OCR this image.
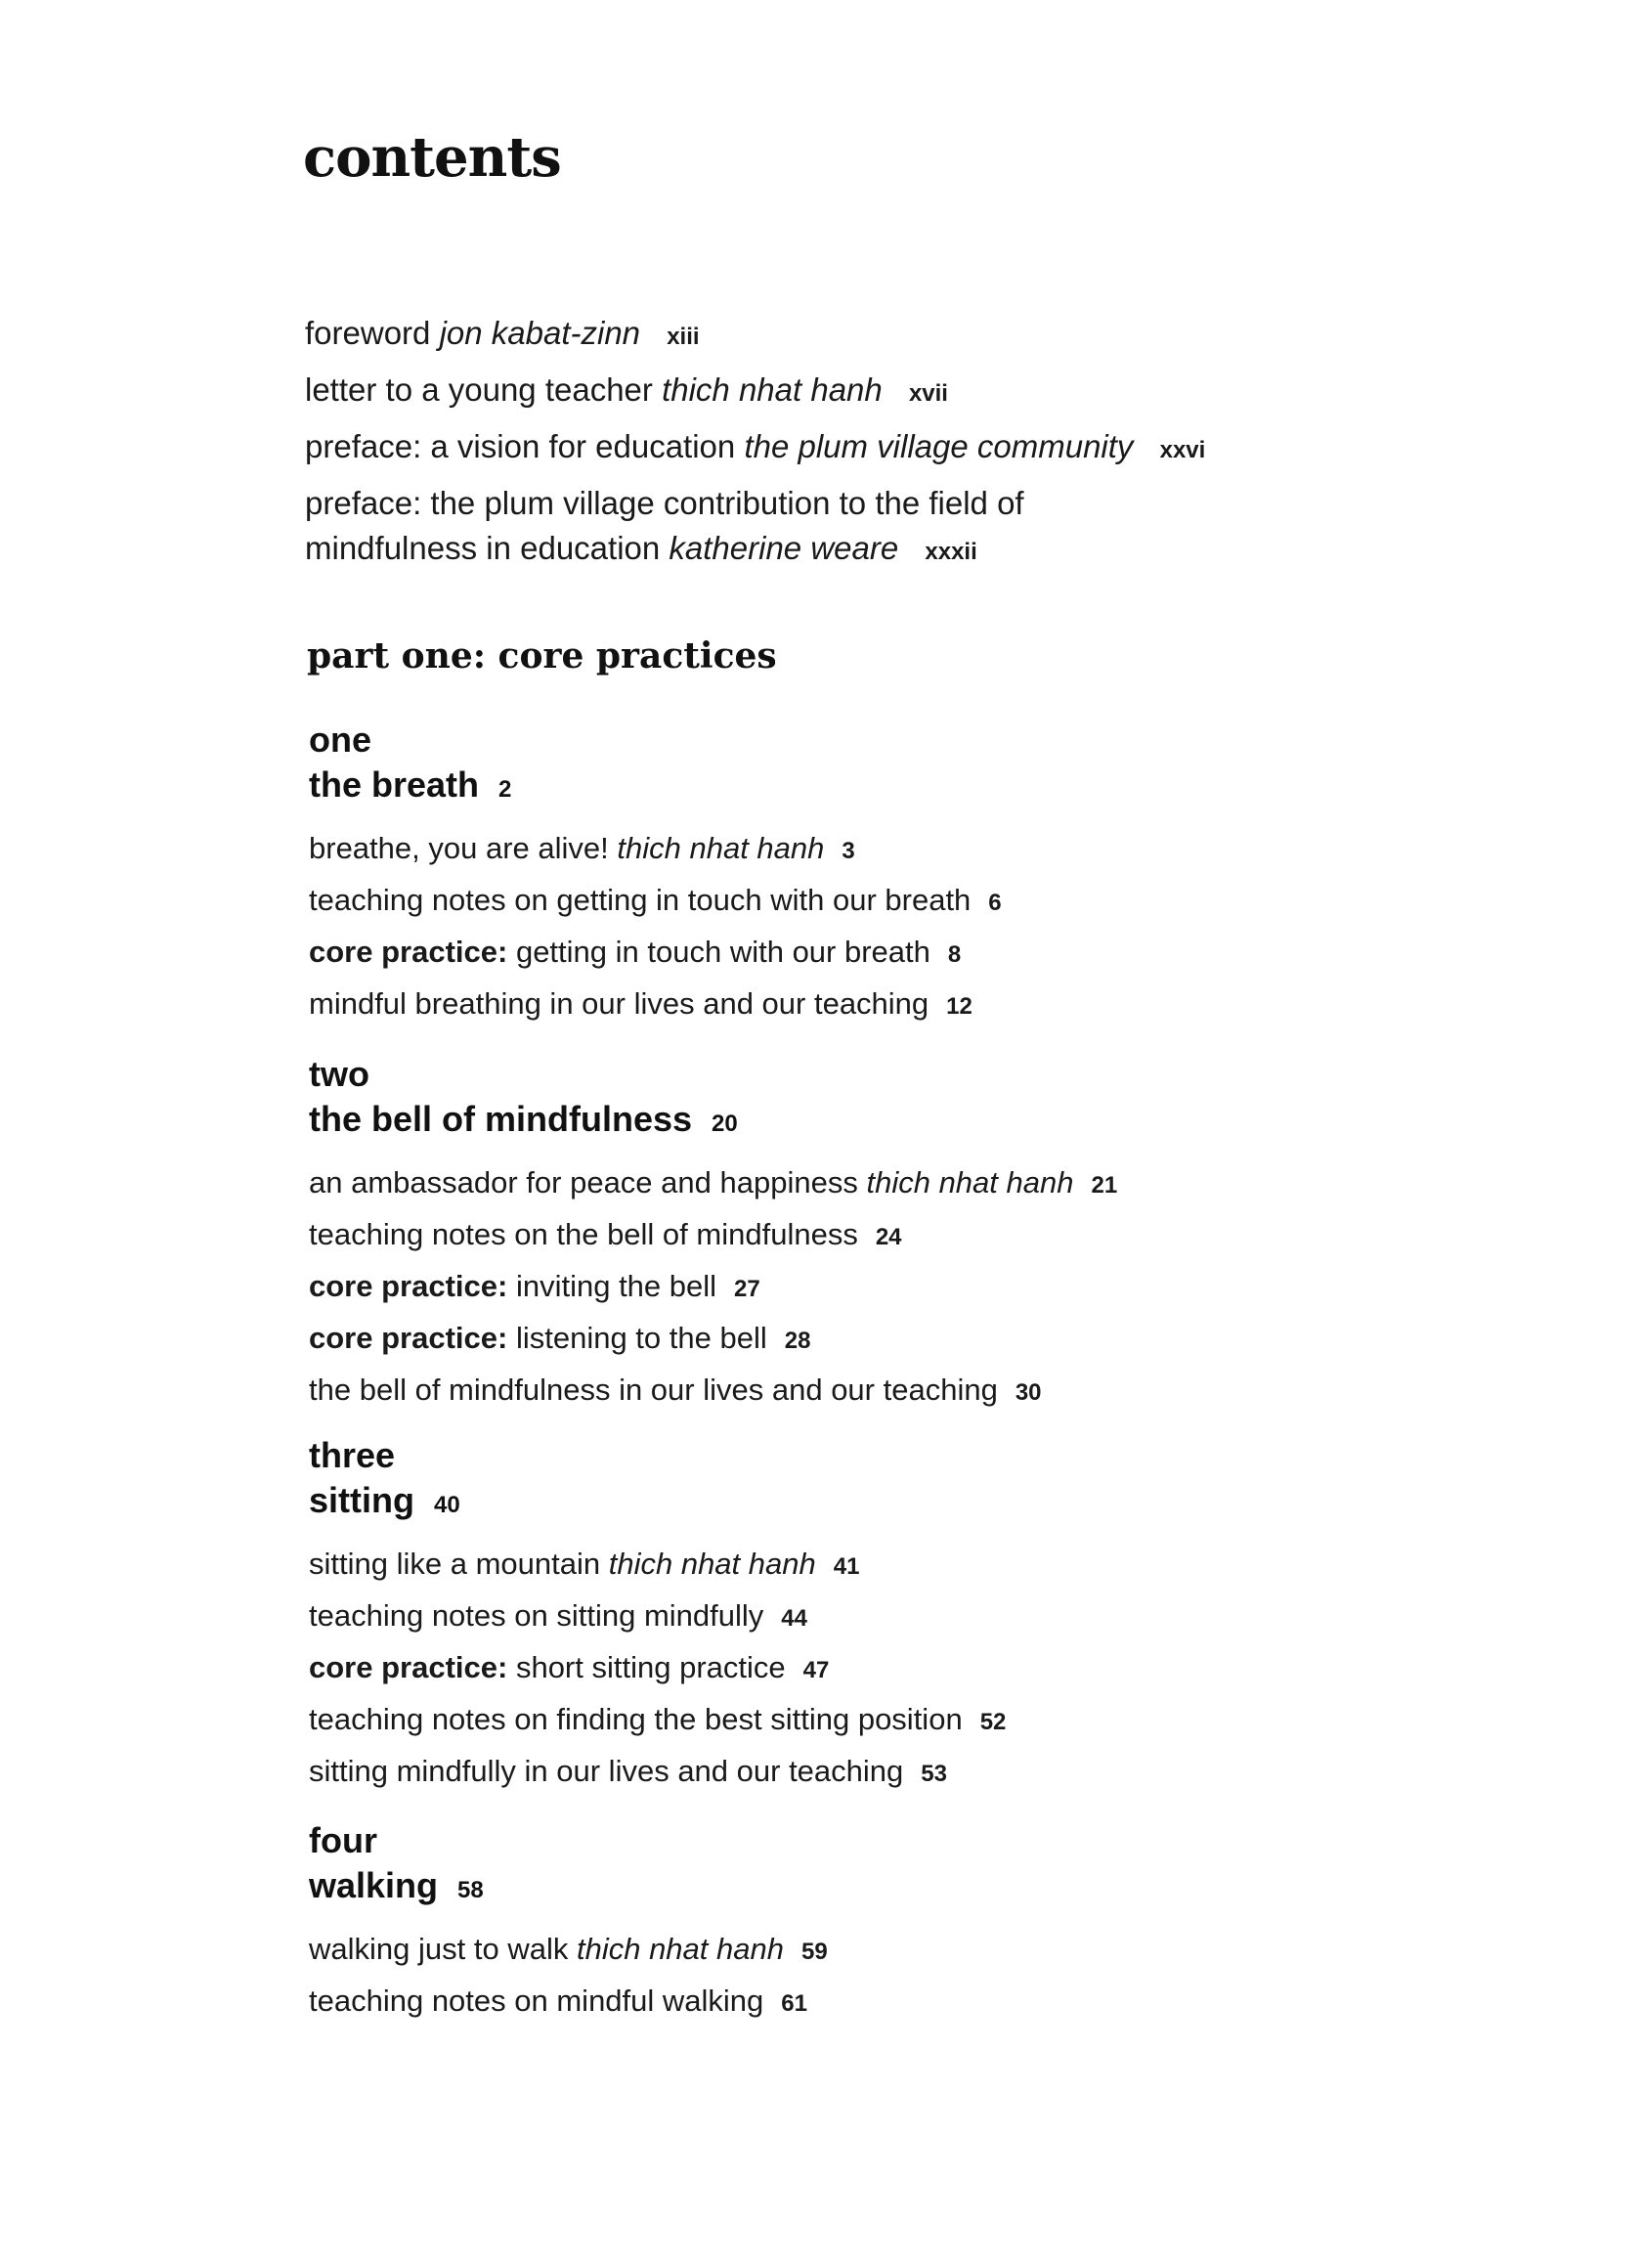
contents
foreword jon kabat-zinn xiii
letter to a young teacher thich nhat hanh xvii
preface: a vision for education the plum village community xxvi
preface: the plum village contribution to the field of
mindfulness in education katherine weare xxxii
part one: core practices
one
the breath 2
breathe, you are alive! thich nhat hanh 3
teaching notes on getting in touch with our breath 6
core practice: getting in touch with our breath 8
mindful breathing in our lives and our teaching 12
two
the bell of mindfulness 20
an ambassador for peace and happiness thich nhat hanh 21
teaching notes on the bell of mindfulness 24
core practice: inviting the bell 27
core practice: listening to the bell 28
the bell of mindfulness in our lives and our teaching 30
three
sitting 40
sitting like a mountain thich nhat hanh 41
teaching notes on sitting mindfully 44
core practice: short sitting practice 47
teaching notes on finding the best sitting position 52
sitting mindfully in our lives and our teaching 53
four
walking 58
walking just to walk thich nhat hanh 59
teaching notes on mindful walking 61
